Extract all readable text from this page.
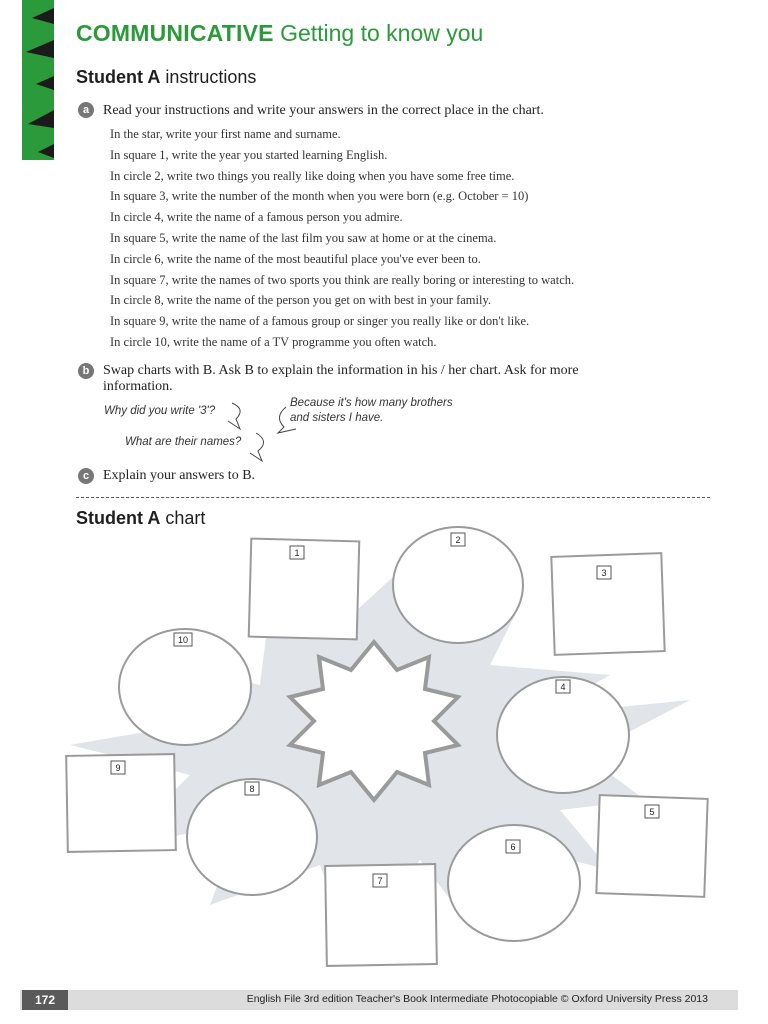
COMMUNICATIVE Getting to know you
Student A instructions
a Read your instructions and write your answers in the correct place in the chart.
In the star, write your first name and surname.
In square 1, write the year you started learning English.
In circle 2, write two things you really like doing when you have some free time.
In square 3, write the number of the month when you were born (e.g. October = 10)
In circle 4, write the name of a famous person you admire.
In square 5, write the name of the last film you saw at home or at the cinema.
In circle 6, write the name of the most beautiful place you've ever been to.
In square 7, write the names of two sports you think are really boring or interesting to watch.
In circle 8, write the name of the person you get on with best in your family.
In square 9, write the name of a famous group or singer you really like or don't like.
In circle 10, write the name of a TV programme you often watch.
b Swap charts with B. Ask B to explain the information in his / her chart. Ask for more
information.
Why did you write '3'?
Because it's how many brothers
and sisters I have.
What are their names?
c Explain your answers to B.
Student A chart
1
2
3
4
5
6
7
8
9
10
172	English File 3rd edition Teacher's Book Intermediate Photocopiable © Oxford University Press 2013
